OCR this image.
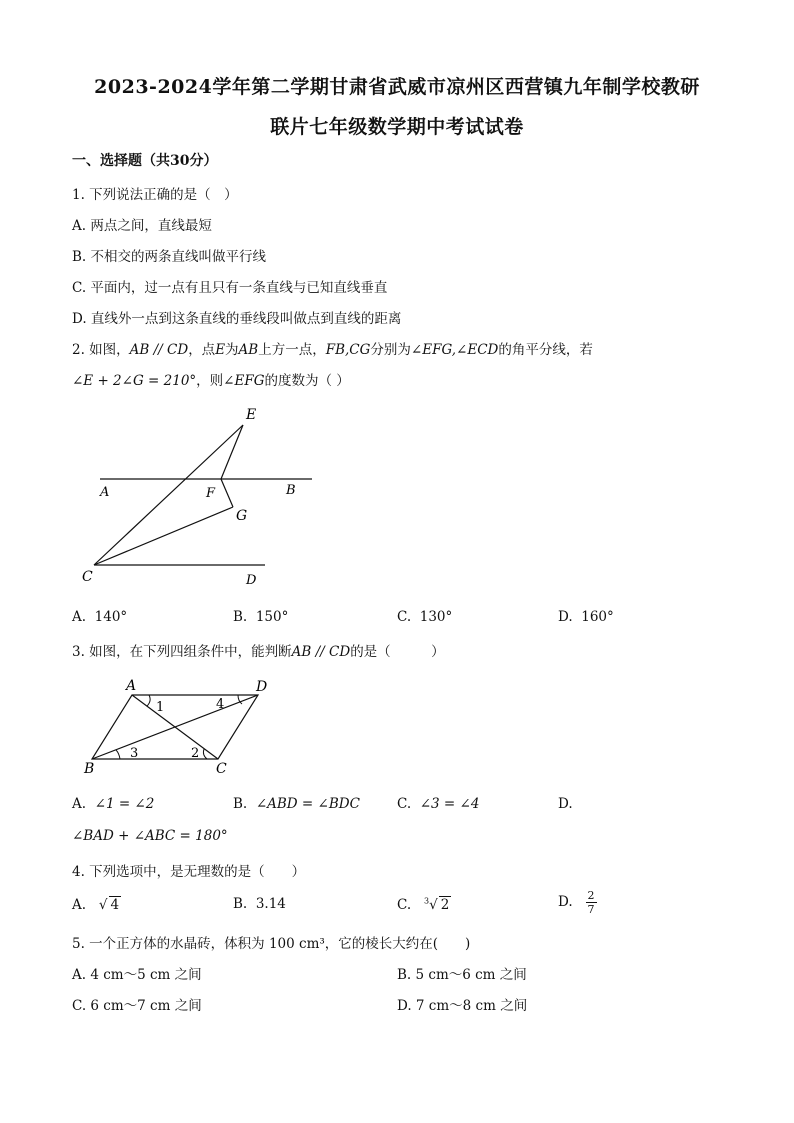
2023-2024学年第二学期甘肃省武威市凉州区西营镇九年制学校教研
联片七年级数学期中考试试卷
一、选择题（共30分）
1. 下列说法正确的是（　）
A. 两点之间，直线最短
B. 不相交的两条直线叫做平行线
C. 平面内，过一点有且只有一条直线与已知直线垂直
D. 直线外一点到这条直线的垂线段叫做点到直线的距离
2. 如图，AB // CD，点E为AB上方一点，FB,CG分别为∠EFG,∠ECD的角平分线，若
∠E + 2∠G = 210°，则∠EFG的度数为（ ）
E
A	F	B
G
C	D
A. 140°	B. 150°	C. 130°	D. 160°
3. 如图，在下列四组条件中，能判断AB // CD的是（　　　）
A	D
B	C
1	4
3	2
A. ∠1 = ∠2	B. ∠ABD = ∠BDC	C. ∠3 = ∠4	D.
∠BAD + ∠ABC = 180°
4. 下列选项中，是无理数的是（　　）
A. √ 4	B. 3.14	C. $^3$√ 2	D. $\frac{2}{7}$
5. 一个正方体的水晶砖，体积为 100 cm³，它的棱长大约在(　　)
A. 4 cm～5 cm 之间	B. 5 cm～6 cm 之间
C. 6 cm～7 cm 之间	D. 7 cm～8 cm 之间
